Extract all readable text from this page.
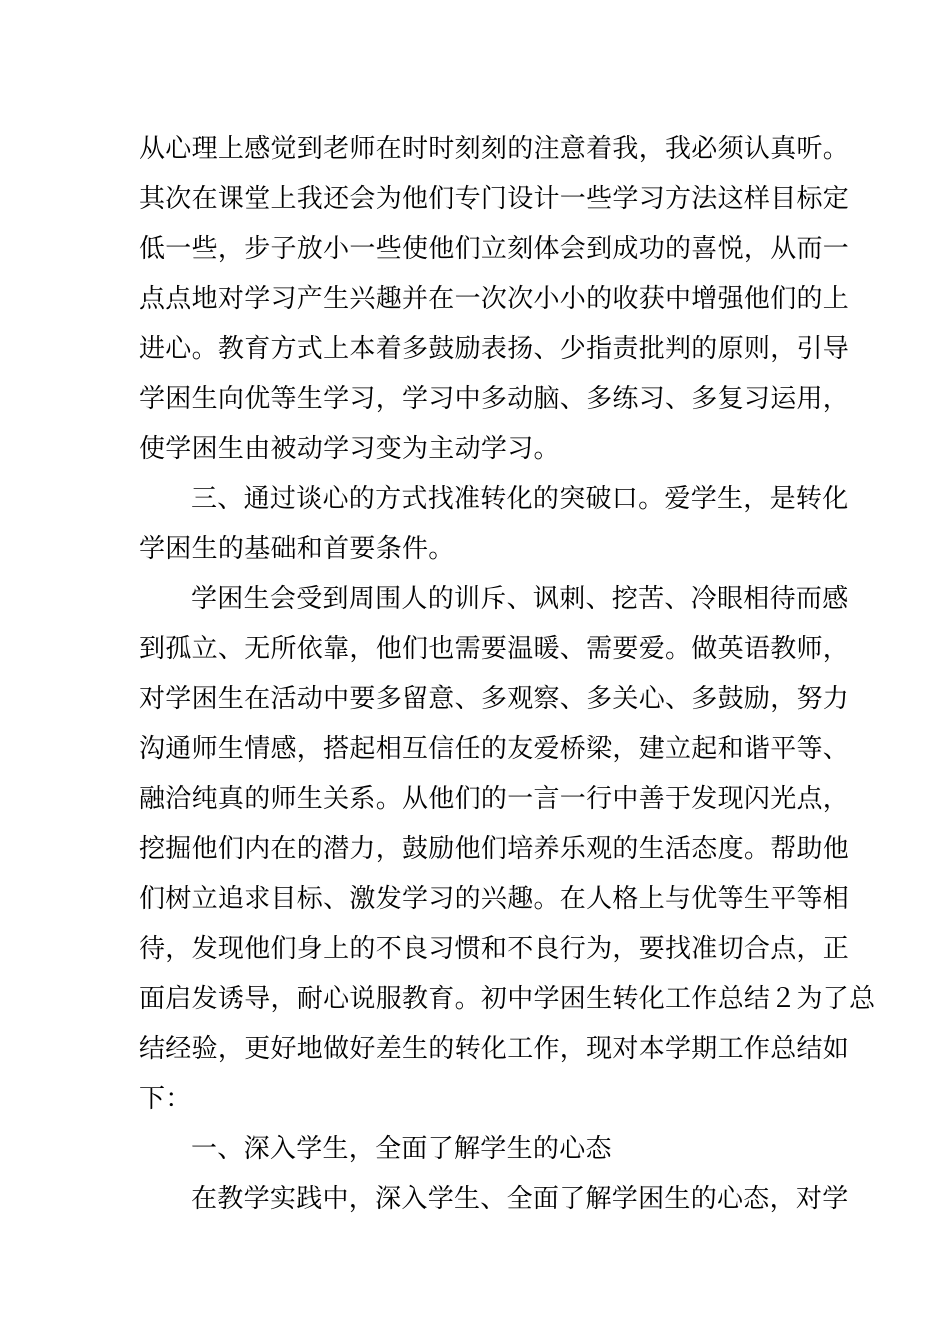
从心理上感觉到老师在时时刻刻的注意着我，我必须认真听。
其次在课堂上我还会为他们专门设计一些学习方法这样目标定
低一些，步子放小一些使他们立刻体会到成功的喜悦，从而一
点点地对学习产生兴趣并在一次次小小的收获中增强他们的上
进心。教育方式上本着多鼓励表扬、少指责批判的原则，引导
学困生向优等生学习，学习中多动脑、多练习、多复习运用，
使学困生由被动学习变为主动学习。
三、通过谈心的方式找准转化的突破口。爱学生，是转化
学困生的基础和首要条件。
学困生会受到周围人的训斥、讽刺、挖苦、冷眼相待而感
到孤立、无所依靠，他们也需要温暖、需要爱。做英语教师，
对学困生在活动中要多留意、多观察、多关心、多鼓励，努力
沟通师生情感，搭起相互信任的友爱桥梁，建立起和谐平等、
融洽纯真的师生关系。从他们的一言一行中善于发现闪光点，
挖掘他们内在的潜力，鼓励他们培养乐观的生活态度。帮助他
们树立追求目标、激发学习的兴趣。在人格上与优等生平等相
待，发现他们身上的不良习惯和不良行为，要找准切合点，正
面启发诱导，耐心说服教育。初中学困生转化工作总结２为了总
结经验，更好地做好差生的转化工作，现对本学期工作总结如
下：
一、深入学生，全面了解学生的心态
在教学实践中，深入学生、全面了解学困生的心态，对学
